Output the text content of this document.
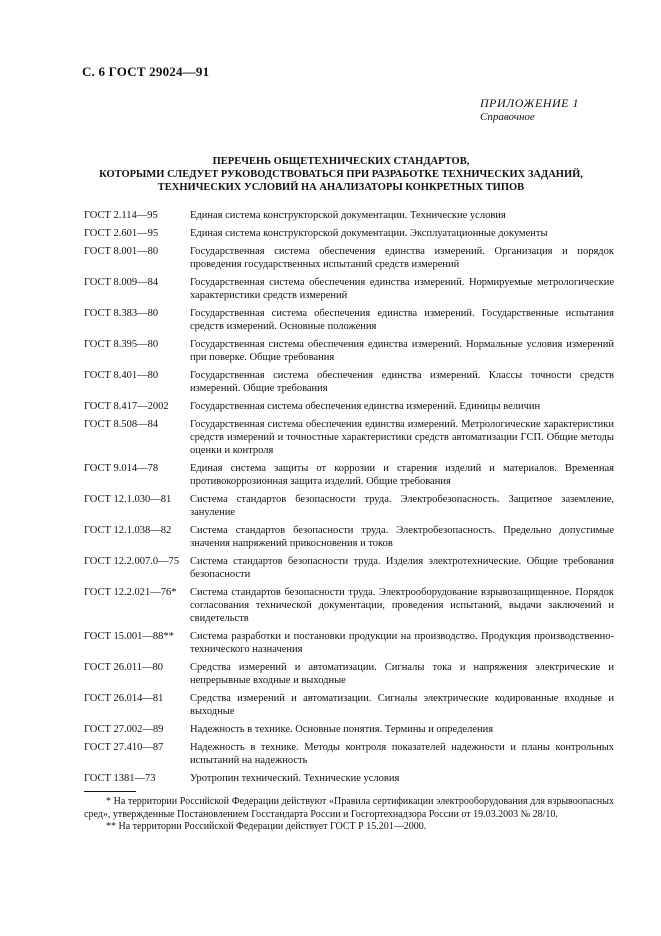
С. 6 ГОСТ 29024—91
ПРИЛОЖЕНИЕ 1
Справочное
ПЕРЕЧЕНЬ ОБЩЕТЕХНИЧЕСКИХ СТАНДАРТОВ,
КОТОРЫМИ СЛЕДУЕТ РУКОВОДСТВОВАТЬСЯ ПРИ РАЗРАБОТКЕ ТЕХНИЧЕСКИХ ЗАДАНИЙ,
ТЕХНИЧЕСКИХ УСЛОВИЙ НА АНАЛИЗАТОРЫ КОНКРЕТНЫХ ТИПОВ
ГОСТ 2.114—95	Единая система конструкторской документации. Технические условия
ГОСТ 2.601—95	Единая система конструкторской документации. Эксплуатационные документы
ГОСТ 8.001—80	Государственная система обеспечения единства измерений. Организация и порядок проведения государственных испытаний средств измерений
ГОСТ 8.009—84	Государственная система обеспечения единства измерений. Нормируемые метрологические характеристики средств измерений
ГОСТ 8.383—80	Государственная система обеспечения единства измерений. Государственные испытания средств измерений. Основные положения
ГОСТ 8.395—80	Государственная система обеспечения единства измерений. Нормальные условия измерений при поверке. Общие требования
ГОСТ 8.401—80	Государственная система обеспечения единства измерений. Классы точности средств измерений. Общие требования
ГОСТ 8.417—2002	Государственная система обеспечения единства измерений. Единицы величин
ГОСТ 8.508—84	Государственная система обеспечения единства измерений. Метрологические характеристики средств измерений и точностные характеристики средств автоматизации ГСП. Общие методы оценки и контроля
ГОСТ 9.014—78	Единая система защиты от коррозии и старения изделий и материалов. Временная противокоррозионная защита изделий. Общие требования
ГОСТ 12.1.030—81	Система стандартов безопасности труда. Электробезопасность. Защитное заземление, зануление
ГОСТ 12.1.038—82	Система стандартов безопасности труда. Электробезопасность. Предельно допустимые значения напряжений прикосновения и токов
ГОСТ 12.2.007.0—75	Система стандартов безопасности труда. Изделия электротехнические. Общие требования безопасности
ГОСТ 12.2.021—76*	Система стандартов безопасности труда. Электрооборудование взрывозащищенное. Порядок согласования технической документации, проведения испытаний, выдачи заключений и свидетельств
ГОСТ 15.001—88**	Система разработки и постановки продукции на производство. Продукция производственно-технического назначения
ГОСТ 26.011—80	Средства измерений и автоматизации. Сигналы тока и напряжения электрические и непрерывные входные и выходные
ГОСТ 26.014—81	Средства измерений и автоматизации. Сигналы электрические кодированные входные и выходные
ГОСТ 27.002—89	Надежность в технике. Основные понятия. Термины и определения
ГОСТ 27.410—87	Надежность в технике. Методы контроля показателей надежности и планы контрольных испытаний на надежность
ГОСТ 1381—73	Уротропин технический. Технические условия
* На территории Российской Федерации действуют «Правила сертификации электрооборудования для взрывоопасных сред», утвержденные Постановлением Госстандарта России и Госгортехнадзора России от 19.03.2003 № 28/10.
** На территории Российской Федерации действует ГОСТ Р 15.201—2000.
